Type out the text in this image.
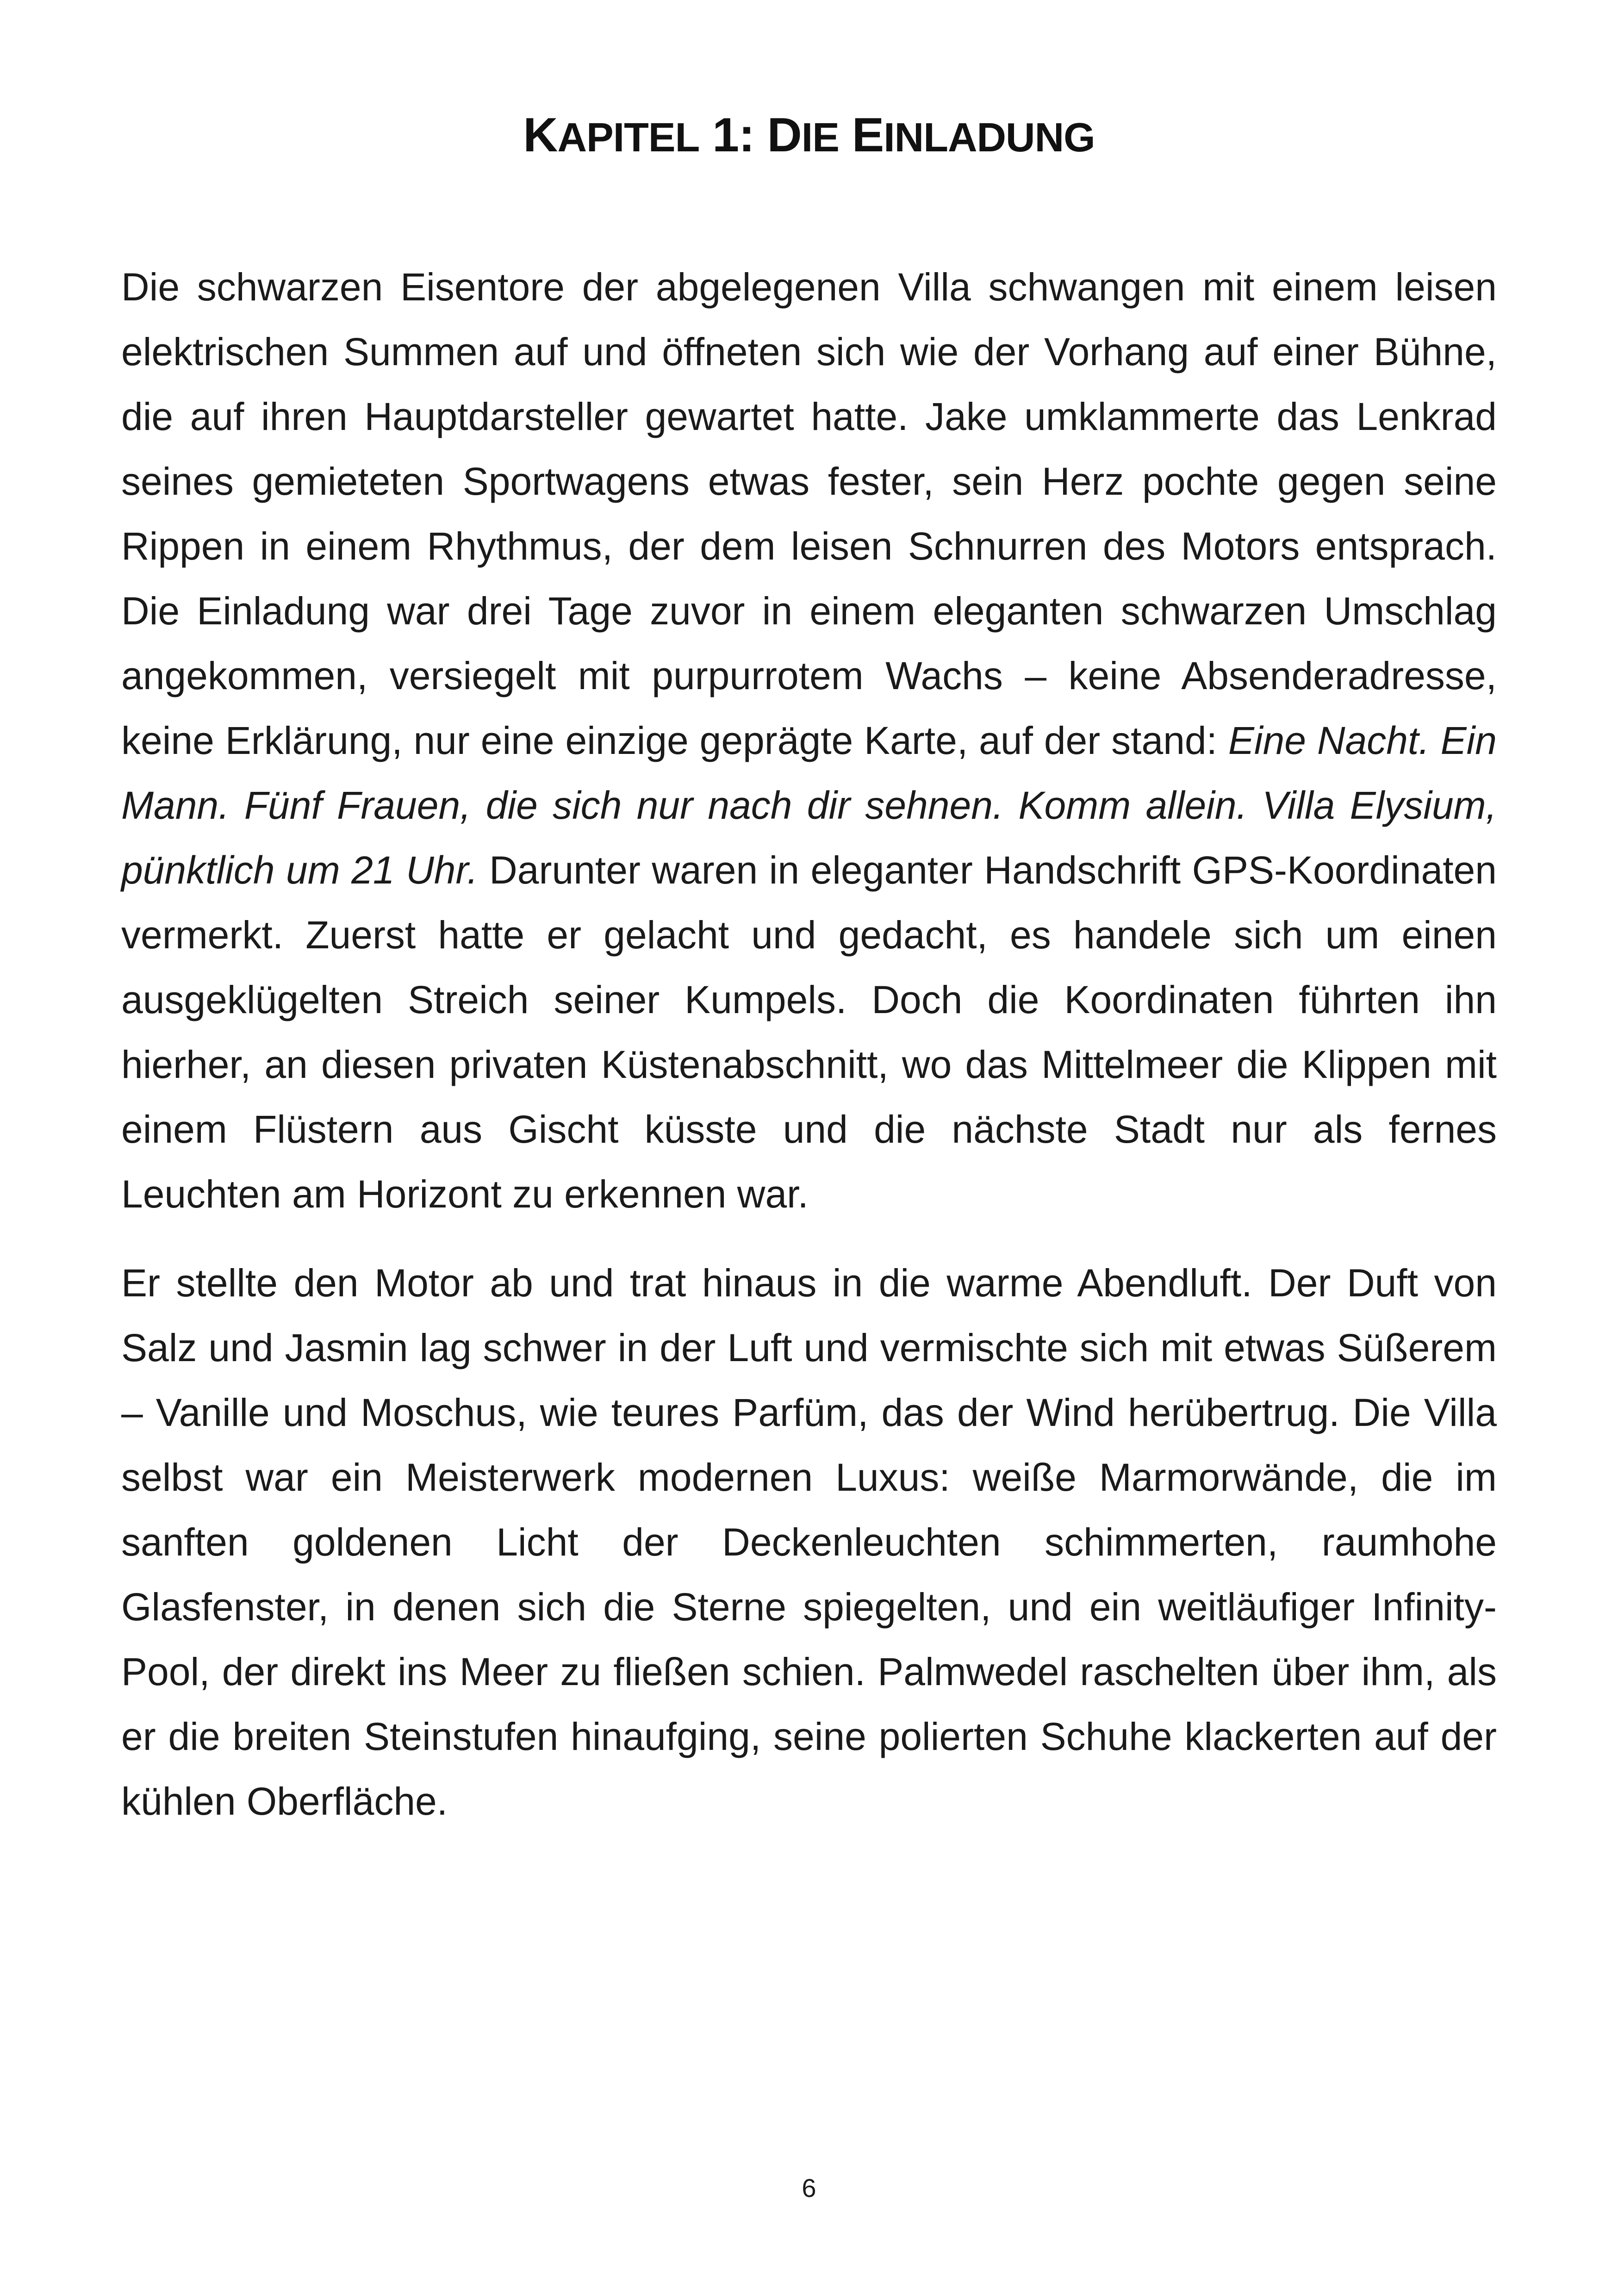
KAPITEL 1: DIE EINLADUNG

Die schwarzen Eisentore der abgelegenen Villa schwangen mit einem leisen elektrischen Summen auf und öffneten sich wie der Vorhang auf einer Bühne, die auf ihren Hauptdarsteller gewartet hatte. Jake umklammerte das Lenkrad seines gemieteten Sportwagens etwas fester, sein Herz pochte gegen seine Rippen in einem Rhythmus, der dem leisen Schnurren des Motors entsprach. Die Einladung war drei Tage zuvor in einem eleganten schwarzen Umschlag angekommen, versiegelt mit purpurrotem Wachs – keine Absenderadresse, keine Erklärung, nur eine einzige geprägte Karte, auf der stand: Eine Nacht. Ein Mann. Fünf Frauen, die sich nur nach dir sehnen. Komm allein. Villa Elysium, pünktlich um 21 Uhr. Darunter waren in eleganter Handschrift GPS-Koordinaten vermerkt. Zuerst hatte er gelacht und gedacht, es handele sich um einen ausgeklügelten Streich seiner Kumpels. Doch die Koordinaten führten ihn hierher, an diesen privaten Küstenabschnitt, wo das Mittelmeer die Klippen mit einem Flüstern aus Gischt küsste und die nächste Stadt nur als fernes Leuchten am Horizont zu erkennen war.

Er stellte den Motor ab und trat hinaus in die warme Abendluft. Der Duft von Salz und Jasmin lag schwer in der Luft und vermischte sich mit etwas Süßerem – Vanille und Moschus, wie teures Parfüm, das der Wind herübertrug. Die Villa selbst war ein Meisterwerk modernen Luxus: weiße Marmorwände, die im sanften goldenen Licht der Deckenleuchten schimmerten, raumhohe Glasfenster, in denen sich die Sterne spiegelten, und ein weitläufiger Infinity-Pool, der direkt ins Meer zu fließen schien. Palmwedel raschelten über ihm, als er die breiten Steinstufen hinaufging, seine polierten Schuhe klackerten auf der kühlen Oberfläche.

6
